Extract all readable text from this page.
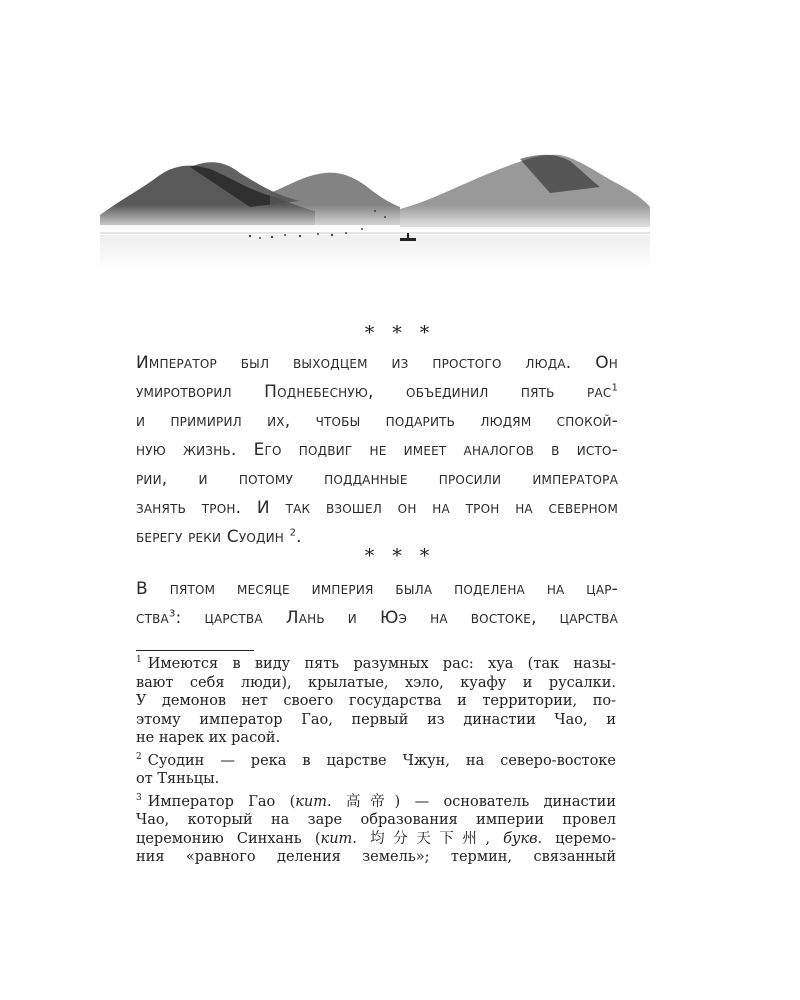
* * *
Император был выходцем из простого люда. Он
умиротворил Поднебесную, объединил пять рас$^1$
и примирил их, чтобы подарить людям спокой-
ную жизнь. Его подвиг не имеет аналогов в исто-
рии, и потому подданные просили императора
занять трон. И так взошел он на трон на северном
берегу реки Суодин $^2$.
* * *
В пятом месяце империя была поделена на цар-
ства$^3$: царства Лань и Юэ на востоке, царства
$^1$ Имеются в виду пять разумных рас: хуа (так назы-
вают себя люди), крылатые, хэло, куафу и русалки.
У демонов нет своего государства и территории, по-
этому император Гао, первый из династии Чао, и
не нарек их расой.
$^2$ Суодин — река в царстве Чжун, на северо-востоке
от Тяньцы.
$^3$ Император Гао (кит. 高帝) — основатель династии
Чао, который на заре образования империи провел
церемонию Синхань (кит. 均分天下州, букв. церемо-
ния «равного деления земель»; термин, связанный
